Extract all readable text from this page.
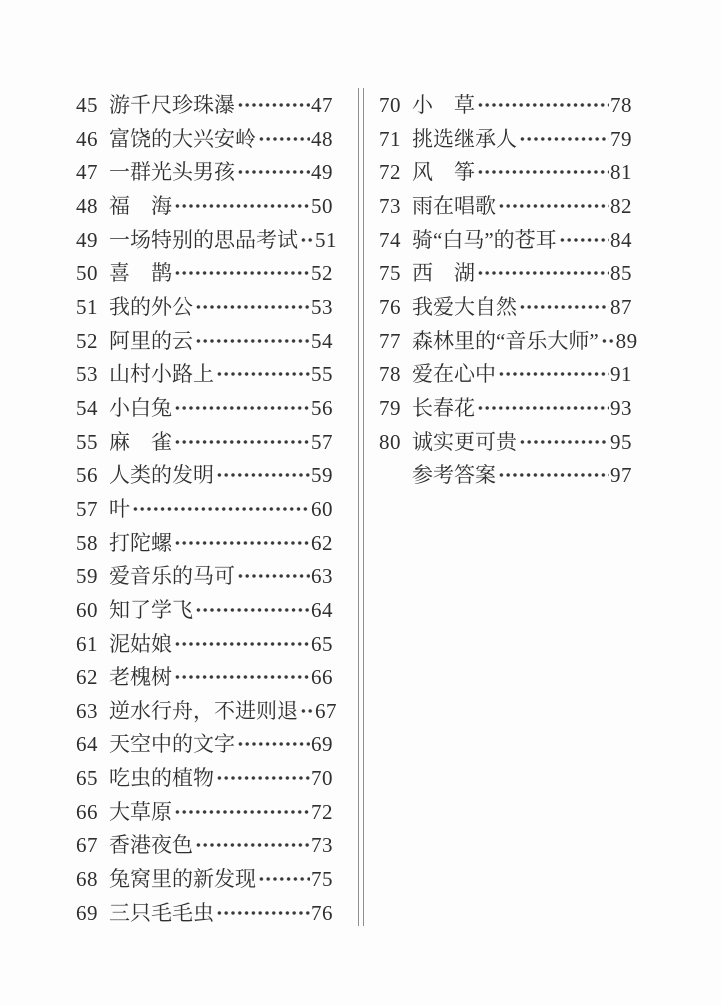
45 游千尺珍珠瀑	47
46 富饶的大兴安岭	48
47 一群光头男孩	49
48 福　海	50
49 一场特别的思品考试 51
50 喜　鹊	52
51 我的外公	53
52 阿里的云	54
53 山村小路上	55
54 小白兔	56
55 麻　雀	57
56 人类的发明	59
57 叶	60
58 打陀螺	62
59 爱音乐的马可	63
60 知了学飞	64
61 泥姑娘	65
62 老槐树	66
63 逆水行舟，不进则退 67
64 天空中的文字	69
65 吃虫的植物	70
66 大草原	72
67 香港夜色	73
68 兔窝里的新发现	75
69 三只毛毛虫	76
70 小　草	78
71 挑选继承人	79
72 风　筝	81
73 雨在唱歌	82
74 骑“白马”的苍耳	84
75 西　湖	85
76 我爱大自然	87
77 森林里的“音乐大师” 89
78 爱在心中	91
79 长春花	93
80 诚实更可贵	95
参考答案	97
